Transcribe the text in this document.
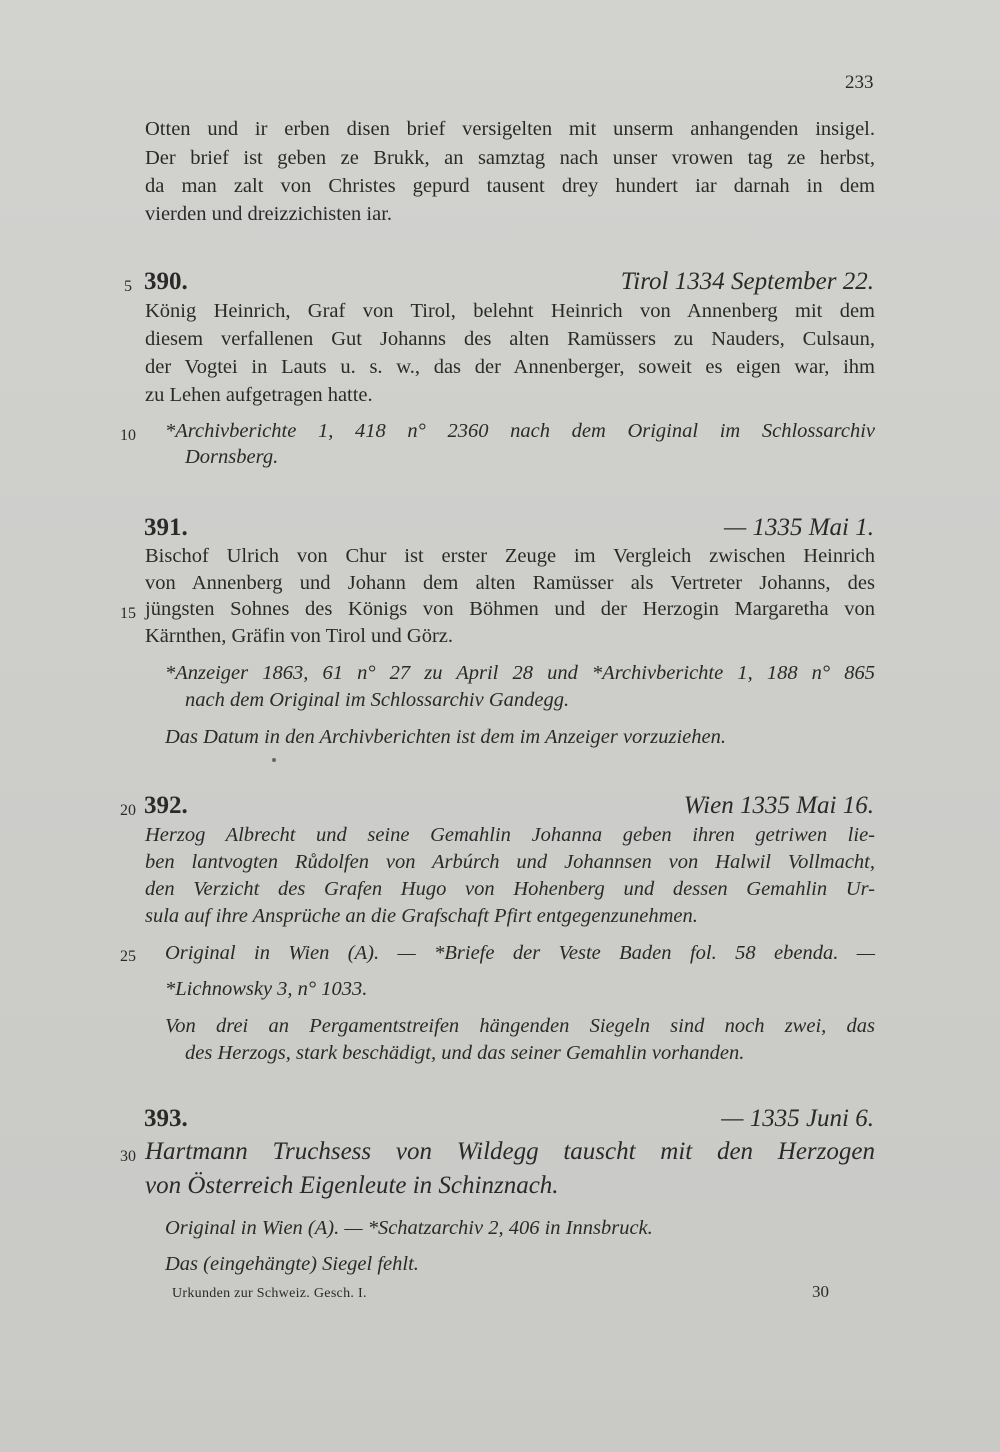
233
Otten und ir erben disen brief versigelten mit unserm anhangenden insigel.
Der brief ist geben ze Brukk, an samztag nach unser vrowen tag ze herbst,
da man zalt von Christes gepurd tausent drey hundert iar darnah in dem
vierden und dreizzichisten iar.
5 390.	Tirol 1334 September 22.
König Heinrich, Graf von Tirol, belehnt Heinrich von Annenberg mit dem
diesem verfallenen Gut Johanns des alten Ramüssers zu Nauders, Culsaun,
der Vogtei in Lauts u. s. w., das der Annenberger, soweit es eigen war, ihm
zu Lehen aufgetragen hatte.
10 *Archivberichte 1, 418 n° 2360 nach dem Original im Schlossarchiv
Dornsberg.
391.	— 1335 Mai 1.
Bischof Ulrich von Chur ist erster Zeuge im Vergleich zwischen Heinrich
von Annenberg und Johann dem alten Ramüsser als Vertreter Johanns, des
15 jüngsten Sohnes des Königs von Böhmen und der Herzogin Margaretha von
Kärnthen, Gräfin von Tirol und Görz.
*Anzeiger 1863, 61 n° 27 zu April 28 und *Archivberichte 1, 188 n° 865
nach dem Original im Schlossarchiv Gandegg.
Das Datum in den Archivberichten ist dem im Anzeiger vorzuziehen.
20 392.	Wien 1335 Mai 16.
Herzog Albrecht und seine Gemahlin Johanna geben ihren getriwen lie-
ben lantvogten Růdolfen von Arbúrch und Johannsen von Halwil Vollmacht,
den Verzicht des Grafen Hugo von Hohenberg und dessen Gemahlin Ur-
sula auf ihre Ansprüche an die Grafschaft Pfirt entgegenzunehmen.
25 Original in Wien (A). — *Briefe der Veste Baden fol. 58 ebenda. —
*Lichnowsky 3, n° 1033.
Von drei an Pergamentstreifen hängenden Siegeln sind noch zwei, das
des Herzogs, stark beschädigt, und das seiner Gemahlin vorhanden.
393.	— 1335 Juni 6.
30 Hartmann Truchsess von Wildegg tauscht mit den Herzogen
von Österreich Eigenleute in Schinznach.
Original in Wien (A). — *Schatzarchiv 2, 406 in Innsbruck.
Das (eingehängte) Siegel fehlt.
Urkunden zur Schweiz. Gesch. I.	30
